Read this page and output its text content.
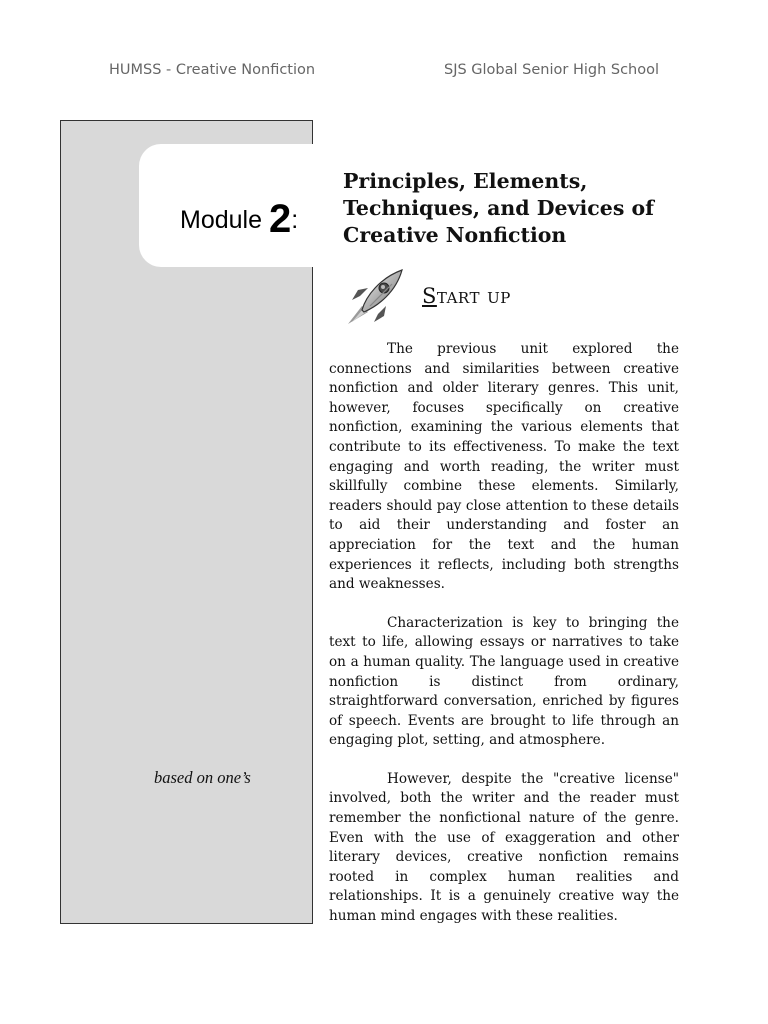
HUMSS - Creative Nonfiction	SJS Global Senior High School
Module 2:
based on one’s
Principles, Elements,
Techniques, and Devices of
Creative Nonfiction
Start up

The previous unit explored the connections and similarities between creative nonfiction and older literary genres. This unit, however, focuses specifically on creative nonfiction, examining the various elements that contribute to its effectiveness. To make the text engaging and worth reading, the writer must skillfully combine these elements. Similarly, readers should pay close attention to these details to aid their understanding and foster an appreciation for the text and the human experiences it reflects, including both strengths and weaknesses.

Characterization is key to bringing the text to life, allowing essays or narratives to take on a human quality. The language used in creative nonfiction is distinct from ordinary, straightforward conversation, enriched by figures of speech. Events are brought to life through an engaging plot, setting, and atmosphere.

However, despite the "creative license" involved, both the writer and the reader must remember the nonfictional nature of the genre. Even with the use of exaggeration and other literary devices, creative nonfiction remains rooted in complex human realities and relationships. It is a genuinely creative way the human mind engages with these realities.
